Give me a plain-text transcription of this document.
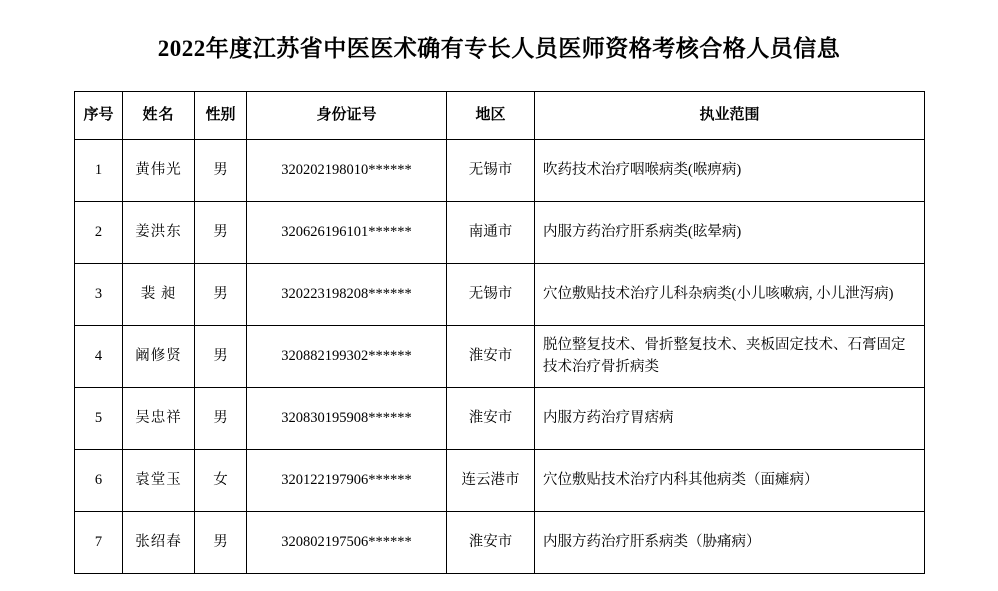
2022年度江苏省中医医术确有专长人员医师资格考核合格人员信息
序号	姓名	性别	身份证号	地区	执业范围
1	黄伟光	男	320202198010******	无锡市	吹药技术治疗咽喉病类(喉痹病)
2	姜洪东	男	320626196101******	南通市	内服方药治疗肝系病类(眩晕病)
3	裴 昶	男	320223198208******	无锡市	穴位敷贴技术治疗儿科杂病类(小儿咳嗽病, 小儿泄泻病)
4	阚修贤	男	320882199302******	淮安市	脱位整复技术、骨折整复技术、夹板固定技术、石膏固定技术治疗骨折病类
5	吴忠祥	男	320830195908******	淮安市	内服方药治疗胃痞病
6	袁堂玉	女	320122197906******	连云港市	穴位敷贴技术治疗内科其他病类（面瘫病）
7	张绍春	男	320802197506******	淮安市	内服方药治疗肝系病类（胁痛病）
